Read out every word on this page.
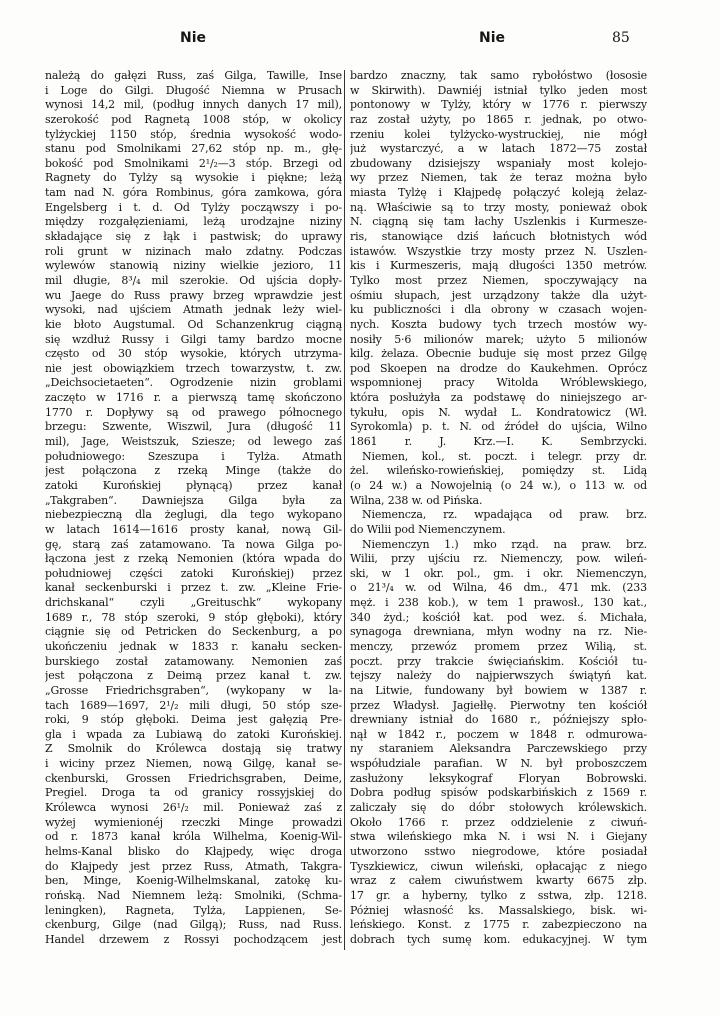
Nie	Nie	85
należą do gałęzi Russ, zaś Gilga, Tawille, Inse
i Loge do Gilgi. Długość Niemna w Prusach
wynosi 14,2 mil, (podług innych danych 17 mil),
szerokość pod Ragnetą 1008 stóp, w okolicy
tylżyckiej 1150 stóp, średnia wysokość wodo-
stanu pod Smolnikami 27,62 stóp np. m., głę-
bokość pod Smolnikami 2¹/₂—3 stóp. Brzegi od
Ragnety do Tylży są wysokie i piękne; leżą
tam nad N. góra Rombinus, góra zamkowa, góra
Engelsberg i t. d. Od Tylży począwszy i po-
między rozgałęzieniami, leżą urodzajne niziny
składające się z łąk i pastwisk; do uprawy
roli grunt w nizinach mało zdatny. Podczas
wylewów stanowią niziny wielkie jezioro, 11
mil długie, 8³/₄ mil szerokie. Od ujścia dopły-
wu Jaege do Russ prawy brzeg wprawdzie jest
wysoki, nad ujściem Atmath jednak leży wiel-
kie błoto Augstumal. Od Schanzenkrug ciągną
się wzdłuż Russy i Gilgi tamy bardzo mocne
często od 30 stóp wysokie, których utrzyma-
nie jest obowiązkiem trzech towarzystw, t. zw.
„Deichsocietaeten“. Ogrodzenie nizin groblami
zaczęto w 1716 r. a pierwszą tamę skończono
1770 r. Dopływy są od prawego północnego
brzegu: Szwente, Wiszwil, Jura (długość 11
mil), Jage, Weistszuk, Sziesze; od lewego zaś
południowego: Szeszupa i Tylża. Atmath
jest połączona z rzeką Minge (także do
zatoki Kurońskiej płynącą) przez kanał
„Takgraben“. Dawniejsza Gilga była za
niebezpieczną dla żeglugi, dla tego wykopano
w latach 1614—1616 prosty kanał, nową Gil-
gę, starą zaś zatamowano. Ta nowa Gilga po-
łączona jest z rzeką Nemonien (która wpada do
południowej części zatoki Kurońskiej) przez
kanał seckenburski i przez t. zw. „Kleine Frie-
drichskanal“ czyli „Greituschk“ wykopany
1689 r., 78 stóp szeroki, 9 stóp głęboki), który
ciągnie się od Petricken do Seckenburg, a po
ukończeniu jednak w 1833 r. kanału secken-
burskiego został zatamowany. Nemonien zaś
jest połączona z Deimą przez kanał t. zw.
„Grosse Friedrichsgraben“, (wykopany w la-
tach 1689—1697, 2¹/₂ mili długi, 50 stóp sze-
roki, 9 stóp głęboki. Deima jest gałęzią Pre-
gla i wpada za Lubiawą do zatoki Kurońskiej.
Z Smolnik do Królewca dostają się tratwy
i wiciny przez Niemen, nową Gilgę, kanał se-
ckenburski, Grossen Friedrichsgraben, Deime,
Pregiel. Droga ta od granicy rossyjskiej do
Królewca wynosi 26¹/₂ mil. Ponieważ zaś z
wyżej wymienionéj rzeczki Minge prowadzi
od r. 1873 kanał króla Wilhelma, Koenig-Wil-
helms-Kanal blisko do Kłajpedy, więc droga
do Kłajpedy jest przez Russ, Atmath, Takgra-
ben, Minge, Koenig-Wilhelmskanal, zatokę ku-
rońską. Nad Niemnem leżą: Smolniki, (Schma-
leningken), Ragneta, Tylża, Lappienen, Se-
ckenburg, Gilge (nad Gilgą); Russ, nad Russ.
Handel drzewem z Rossyi pochodzącem jest
bardzo znaczny, tak samo rybołóstwo (łososie
w Skirwith). Dawniéj istniał tylko jeden most
pontonowy w Tylży, który w 1776 r. pierwszy
raz został użyty, po 1865 r. jednak, po otwo-
rzeniu kolei tylżycko-wystruckiej, nie mógł
już wystarczyć, a w latach 1872—75 został
zbudowany dzisiejszy wspaniały most kolejo-
wy przez Niemen, tak że teraz można było
miasta Tylżę i Kłajpedę połączyć koleją żelaz-
ną. Właściwie są to trzy mosty, ponieważ obok
N. ciągną się tam łachy Uszlenkis i Kurmesze-
ris, stanowiące dziś łańcuch błotnistych wód
istawów. Wszystkie trzy mosty przez N. Uszlen-
kis i Kurmeszeris, mają długości 1350 metrów.
Tylko most przez Niemen, spoczywający na
ośmiu słupach, jest urządzony także dla użyt-
ku publiczności i dla obrony w czasach wojen-
nych. Koszta budowy tych trzech mostów wy-
nosiły 5·6 milionów marek; użyto 5 milionów
kilg. żelaza. Obecnie buduje się most przez Gilgę
pod Skoepen na drodze do Kaukehmen. Oprócz
wspomnionej pracy Witolda Wróblewskiego,
która posłużyła za podstawę do niniejszego ar-
tykułu, opis N. wydał L. Kondratowicz (Wł.
Syrokomla) p. t. N. od źródeł do ujścia, Wilno
1861 r. J. Krz.—I. K. Sembrzycki.
Niemen, kol., st. poczt. i telegr. przy dr.
żel. wileńsko-rowieńskiej, pomiędzy st. Lidą
(o 24 w.) a Nowojelnią (o 24 w.), o 113 w. od
Wilna, 238 w. od Pińska.
Niemencza, rz. wpadająca od praw. brz.
do Wilii pod Niemenczynem.
Niemenczyn 1.) mko rząd. na praw. brz.
Wilii, przy ujściu rz. Niemenczy, pow. wileń-
ski, w 1 okr. pol., gm. i okr. Niemenczyn,
o 21³/₄ w. od Wilna, 46 dm., 471 mk. (233
męż. i 238 kob.), w tem 1 prawosł., 130 kat.,
340 żyd.; kościół kat. pod wez. ś. Michała,
synagoga drewniana, młyn wodny na rz. Nie-
menczy, przewóz promem przez Wilią, st.
poczt. przy trakcie święciańskim. Kościół tu-
tejszy należy do najpierwszych świątyń kat.
na Litwie, fundowany był bowiem w 1387 r.
przez Władysł. Jagiełłę. Pierwotny ten kościół
drewniany istniał do 1680 r., późniejszy spło-
nął w 1842 r., poczem w 1848 r. odmurowa-
ny staraniem Aleksandra Parczewskiego przy
współudziale parafian. W N. był proboszczem
zasłużony leksykograf Floryan Bobrowski.
Dobra podług spisów podskarbińskich z 1569 r.
zaliczały się do dóbr stołowych królewskich.
Około 1766 r. przez oddzielenie z ciwuń-
stwa wileńskiego mka N. i wsi N. i Giejany
utworzono sstwo niegrodowe, które posiadał
Tyszkiewicz, ciwun wileński, opłacając z niego
wraz z całem ciwuństwem kwarty 6675 złp.
17 gr. a hyberny, tylko z sstwa, złp. 1218.
Póżniej własność ks. Massalskiego, bisk. wi-
leńskiego. Konst. z 1775 r. zabezpieczono na
dobrach tych sumę kom. edukacyjnej. W tym
